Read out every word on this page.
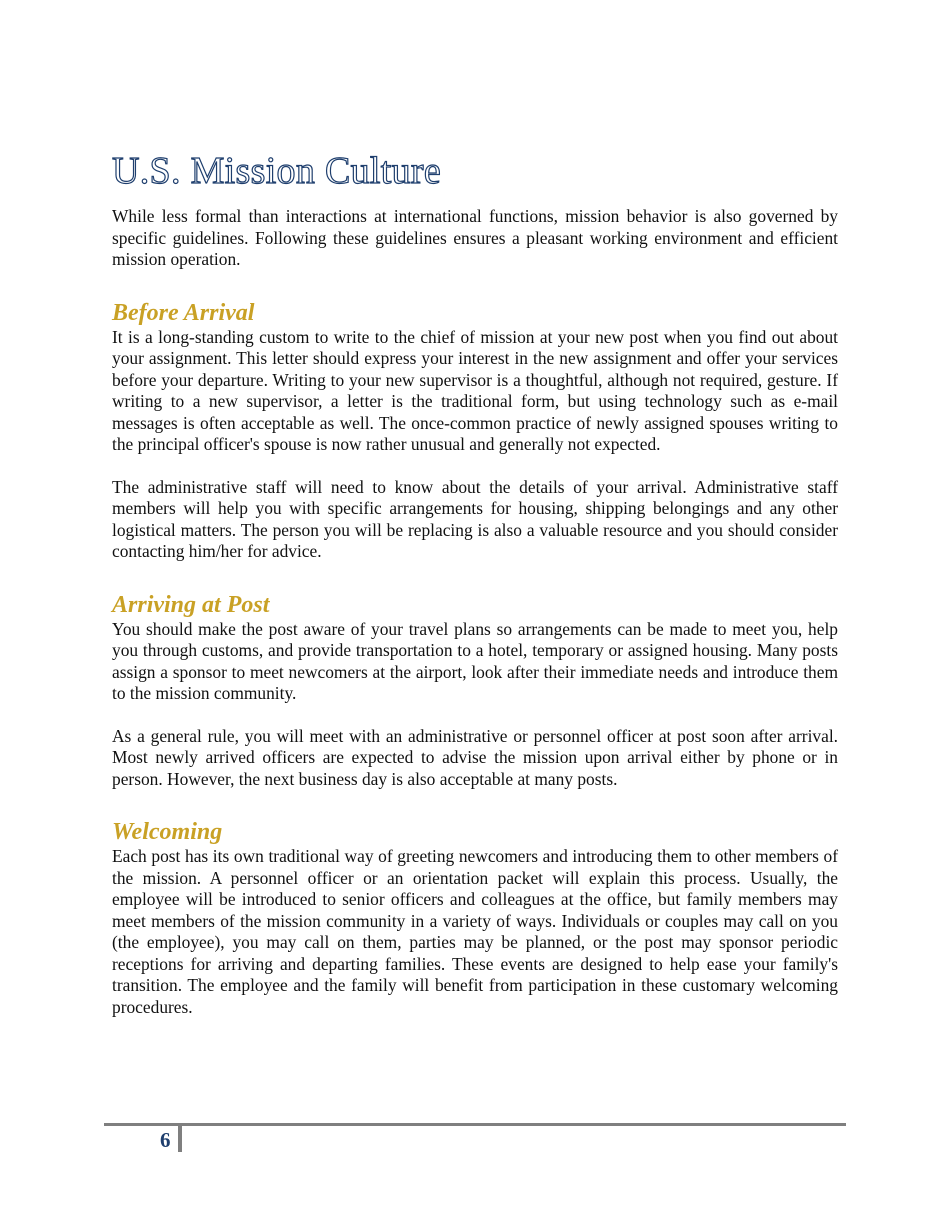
U.S. Mission Culture

While less formal than interactions at international functions, mission behavior is also governed by specific guidelines. Following these guidelines ensures a pleasant working environment and efficient mission operation.

Before Arrival

It is a long-standing custom to write to the chief of mission at your new post when you find out about your assignment. This letter should express your interest in the new assignment and offer your services before your departure. Writing to your new supervisor is a thoughtful, although not required, gesture. If writing to a new supervisor, a letter is the traditional form, but using technology such as e-mail messages is often acceptable as well. The once-common practice of newly assigned spouses writing to the principal officer's spouse is now rather unusual and generally not expected.

The administrative staff will need to know about the details of your arrival. Administrative staff members will help you with specific arrangements for housing, shipping belongings and any other logistical matters. The person you will be replacing is also a valuable resource and you should consider contacting him/her for advice.

Arriving at Post

You should make the post aware of your travel plans so arrangements can be made to meet you, help you through customs, and provide transportation to a hotel, temporary or assigned housing. Many posts assign a sponsor to meet newcomers at the airport, look after their immediate needs and introduce them to the mission community.

As a general rule, you will meet with an administrative or personnel officer at post soon after arrival. Most newly arrived officers are expected to advise the mission upon arrival either by phone or in person. However, the next business day is also acceptable at many posts.

Welcoming

Each post has its own traditional way of greeting newcomers and introducing them to other members of the mission. A personnel officer or an orientation packet will explain this process. Usually, the employee will be introduced to senior officers and colleagues at the office, but family members may meet members of the mission community in a variety of ways. Individuals or couples may call on you (the employee), you may call on them, parties may be planned, or the post may sponsor periodic receptions for arriving and departing families. These events are designed to help ease your family's transition. The employee and the family will benefit from participation in these customary welcoming procedures.

6
